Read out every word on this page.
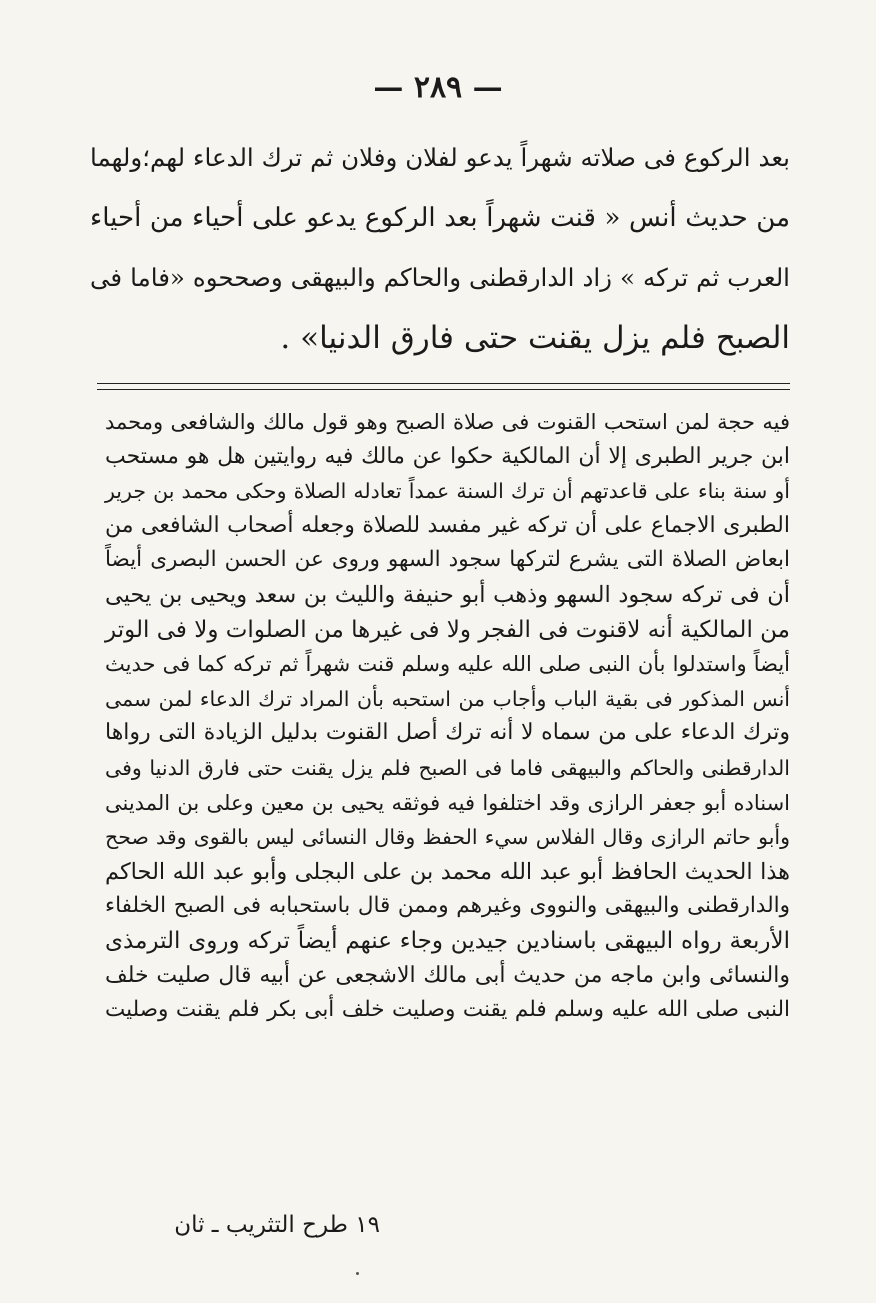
— ٢٨٩ —
بعد الركوع فى صلاته شهراً يدعو لفلان وفلان ثم ترك الدعاء لهم؛ولهما
من حديث أنس « قنت شهراً بعد الركوع يدعو على أحياء من أحياء
العرب ثم تركه » زاد الدارقطنى والحاكم والبيهقى وصححوه «فاما فى
الصبح فلم يزل يقنت حتى فارق الدنيا» .
فيه حجة لمن استحب القنوت فى صلاة الصبح وهو قول مالك والشافعى ومحمد
ابن جرير الطبرى إلا أن المالكية حكوا عن مالك فيه روايتين هل هو مستحب
أو سنة بناء على قاعدتهم أن ترك السنة عمداً تعادله الصلاة وحكى محمد بن جرير
الطبرى الاجماع على أن تركه غير مفسد للصلاة وجعله أصحاب الشافعى من
ابعاض الصلاة التى يشرع لتركها سجود السهو وروى عن الحسن البصرى أيضاً
أن فى تركه سجود السهو وذهب أبو حنيفة والليث بن سعد ويحيى بن يحيى
من المالكية أنه لاقنوت فى الفجر ولا فى غيرها من الصلوات ولا فى الوتر
أيضاً واستدلوا بأن النبى صلى الله عليه وسلم قنت شهراً ثم تركه كما فى حديث
أنس المذكور فى بقية الباب وأجاب من استحبه بأن المراد ترك الدعاء لمن سمى
وترك الدعاء على من سماه لا أنه ترك أصل القنوت بدليل الزيادة التى رواها
الدارقطنى والحاكم والبيهقى فاما فى الصبح فلم يزل يقنت حتى فارق الدنيا وفى
اسناده أبو جعفر الرازى وقد اختلفوا فيه فوثقه يحيى بن معين وعلى بن المدينى
وأبو حاتم الرازى وقال الفلاس سيء الحفظ وقال النسائى ليس بالقوى وقد صحح
هذا الحديث الحافظ أبو عبد الله محمد بن على البجلى وأبو عبد الله الحاكم
والدارقطنى والبيهقى والنووى وغيرهم وممن قال باستحبابه فى الصبح الخلفاء
الأربعة رواه البيهقى باسنادين جيدين وجاء عنهم أيضاً تركه وروى الترمذى
والنسائى وابن ماجه من حديث أبى مالك الاشجعى عن أبيه قال صليت خلف
النبى صلى الله عليه وسلم فلم يقنت وصليت خلف أبى بكر فلم يقنت وصليت
١٩ طرح التثريب ـ ثان
